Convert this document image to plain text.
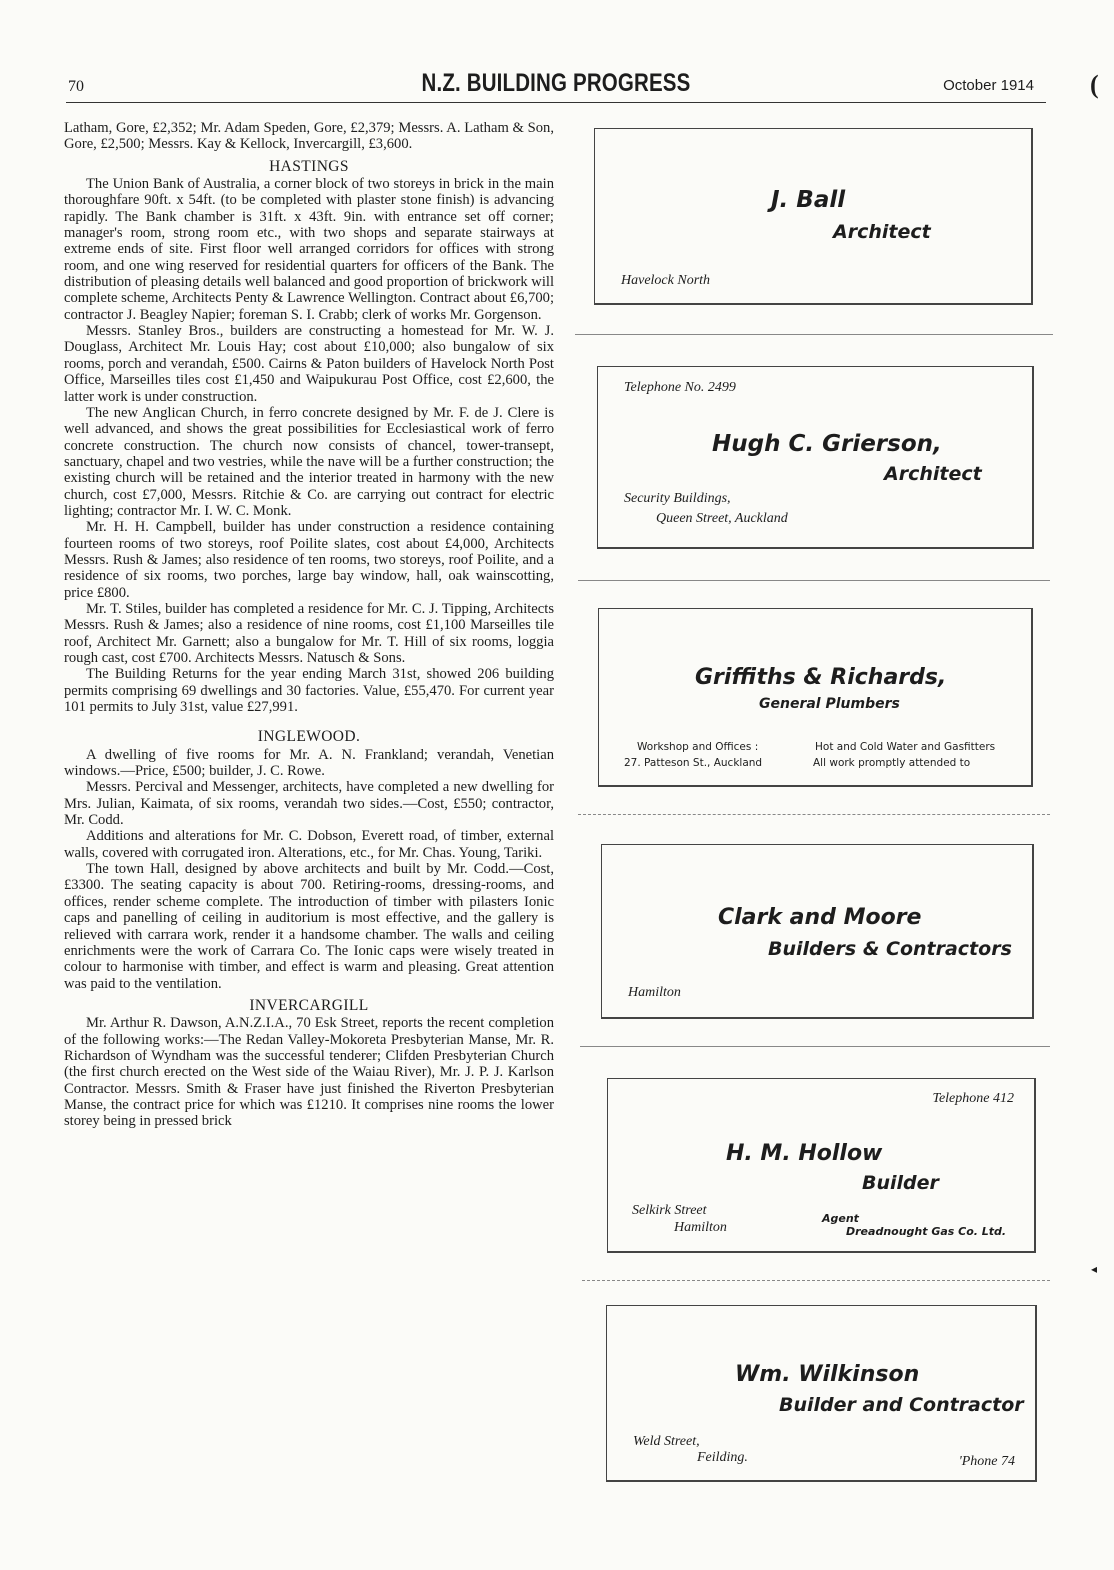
70	N.Z. BUILDING PROGRESS	October 1914 (
◂

Latham, Gore, £2,352; Mr. Adam Speden, Gore, £2,379; Messrs. A. Latham & Son, Gore, £2,500; Messrs. Kay & Kellock, Invercargill, £3,600.

HASTINGS

The Union Bank of Australia, a corner block of two storeys in brick in the main thoroughfare 90ft. x 54ft. (to be completed with plaster stone finish) is advancing rapidly. The Bank chamber is 31ft. x 43ft. 9in. with entrance set off corner; manager's room, strong room etc., with two shops and separate stairways at extreme ends of site. First floor well arranged corridors for offices with strong room, and one wing reserved for residential quarters for officers of the Bank. The distribution of pleasing details well balanced and good proportion of brickwork will complete scheme, Architects Penty & Lawrence Wellington. Contract about £6,700; contractor J. Beagley Napier; foreman S. I. Crabb; clerk of works Mr. Gorgenson.

Messrs. Stanley Bros., builders are constructing a homestead for Mr. W. J. Douglass, Architect Mr. Louis Hay; cost about £10,000; also bungalow of six rooms, porch and verandah, £500. Cairns & Paton builders of Havelock North Post Office, Marseilles tiles cost £1,450 and Waipukurau Post Office, cost £2,600, the latter work is under construction.

The new Anglican Church, in ferro concrete designed by Mr. F. de J. Clere is well advanced, and shows the great possibilities for Ecclesiastical work of ferro concrete construction. The church now consists of chancel, tower-transept, sanctuary, chapel and two vestries, while the nave will be a further construction; the existing church will be retained and the interior treated in harmony with the new church, cost £7,000, Messrs. Ritchie & Co. are carrying out contract for electric lighting; contractor Mr. I. W. C. Monk.

Mr. H. H. Campbell, builder has under construction a residence containing fourteen rooms of two storeys, roof Poilite slates, cost about £4,000, Architects Messrs. Rush & James; also residence of ten rooms, two storeys, roof Poilite, and a residence of six rooms, two porches, large bay window, hall, oak wainscotting, price £800.

Mr. T. Stiles, builder has completed a residence for Mr. C. J. Tipping, Architects Messrs. Rush & James; also a residence of nine rooms, cost £1,100 Marseilles tile roof, Architect Mr. Garnett; also a bungalow for Mr. T. Hill of six rooms, loggia rough cast, cost £700. Architects Messrs. Natusch & Sons.

The Building Returns for the year ending March 31st, showed 206 building permits comprising 69 dwellings and 30 factories. Value, £55,470. For current year 101 permits to July 31st, value £27,991.

INGLEWOOD.

A dwelling of five rooms for Mr. A. N. Frankland; verandah, Venetian windows.—Price, £500; builder, J. C. Rowe.

Messrs. Percival and Messenger, architects, have completed a new dwelling for Mrs. Julian, Kaimata, of six rooms, verandah two sides.—Cost, £550; contractor, Mr. Codd.

Additions and alterations for Mr. C. Dobson, Everett road, of timber, external walls, covered with corrugated iron. Alterations, etc., for Mr. Chas. Young, Tariki.

The town Hall, designed by above architects and built by Mr. Codd.—Cost, £3300. The seating capacity is about 700. Retiring-rooms, dressing-rooms, and offices, render scheme complete. The introduction of timber with pilasters Ionic caps and panelling of ceiling in auditorium is most effective, and the gallery is relieved with carrara work, render it a handsome chamber. The walls and ceiling enrichments were the work of Carrara Co. The Ionic caps were wisely treated in colour to harmonise with timber, and effect is warm and pleasing. Great attention was paid to the ventilation.

INVERCARGILL

Mr. Arthur R. Dawson, A.N.Z.I.A., 70 Esk Street, reports the recent completion of the following works:—The Redan Valley-Mokoreta Presbyterian Manse, Mr. R. Richardson of Wyndham was the successful tenderer; Clifden Presbyterian Church (the first church erected on the West side of the Waiau River), Mr. J. P. J. Karlson Contractor. Messrs. Smith & Fraser have just finished the Riverton Presbyterian Manse, the contract price for which was £1210. It comprises nine rooms the lower storey being in pressed brick

J. Ball
Architect
Havelock North
Telephone No. 2499
Hugh C. Grierson,
Architect
Security Buildings,
Queen Street, Auckland
Griffiths & Richards,
General Plumbers
Workshop and Offices :
27. Patteson St., Auckland
Hot and Cold Water and Gasfitters
All work promptly attended to
Clark and Moore
Builders & Contractors
Hamilton
Telephone 412
H. M. Hollow
Builder
Selkirk Street
Hamilton
Agent
Dreadnought Gas Co. Ltd.
Wm. Wilkinson
Builder and Contractor
Weld Street,
Feilding.	'Phone 74
